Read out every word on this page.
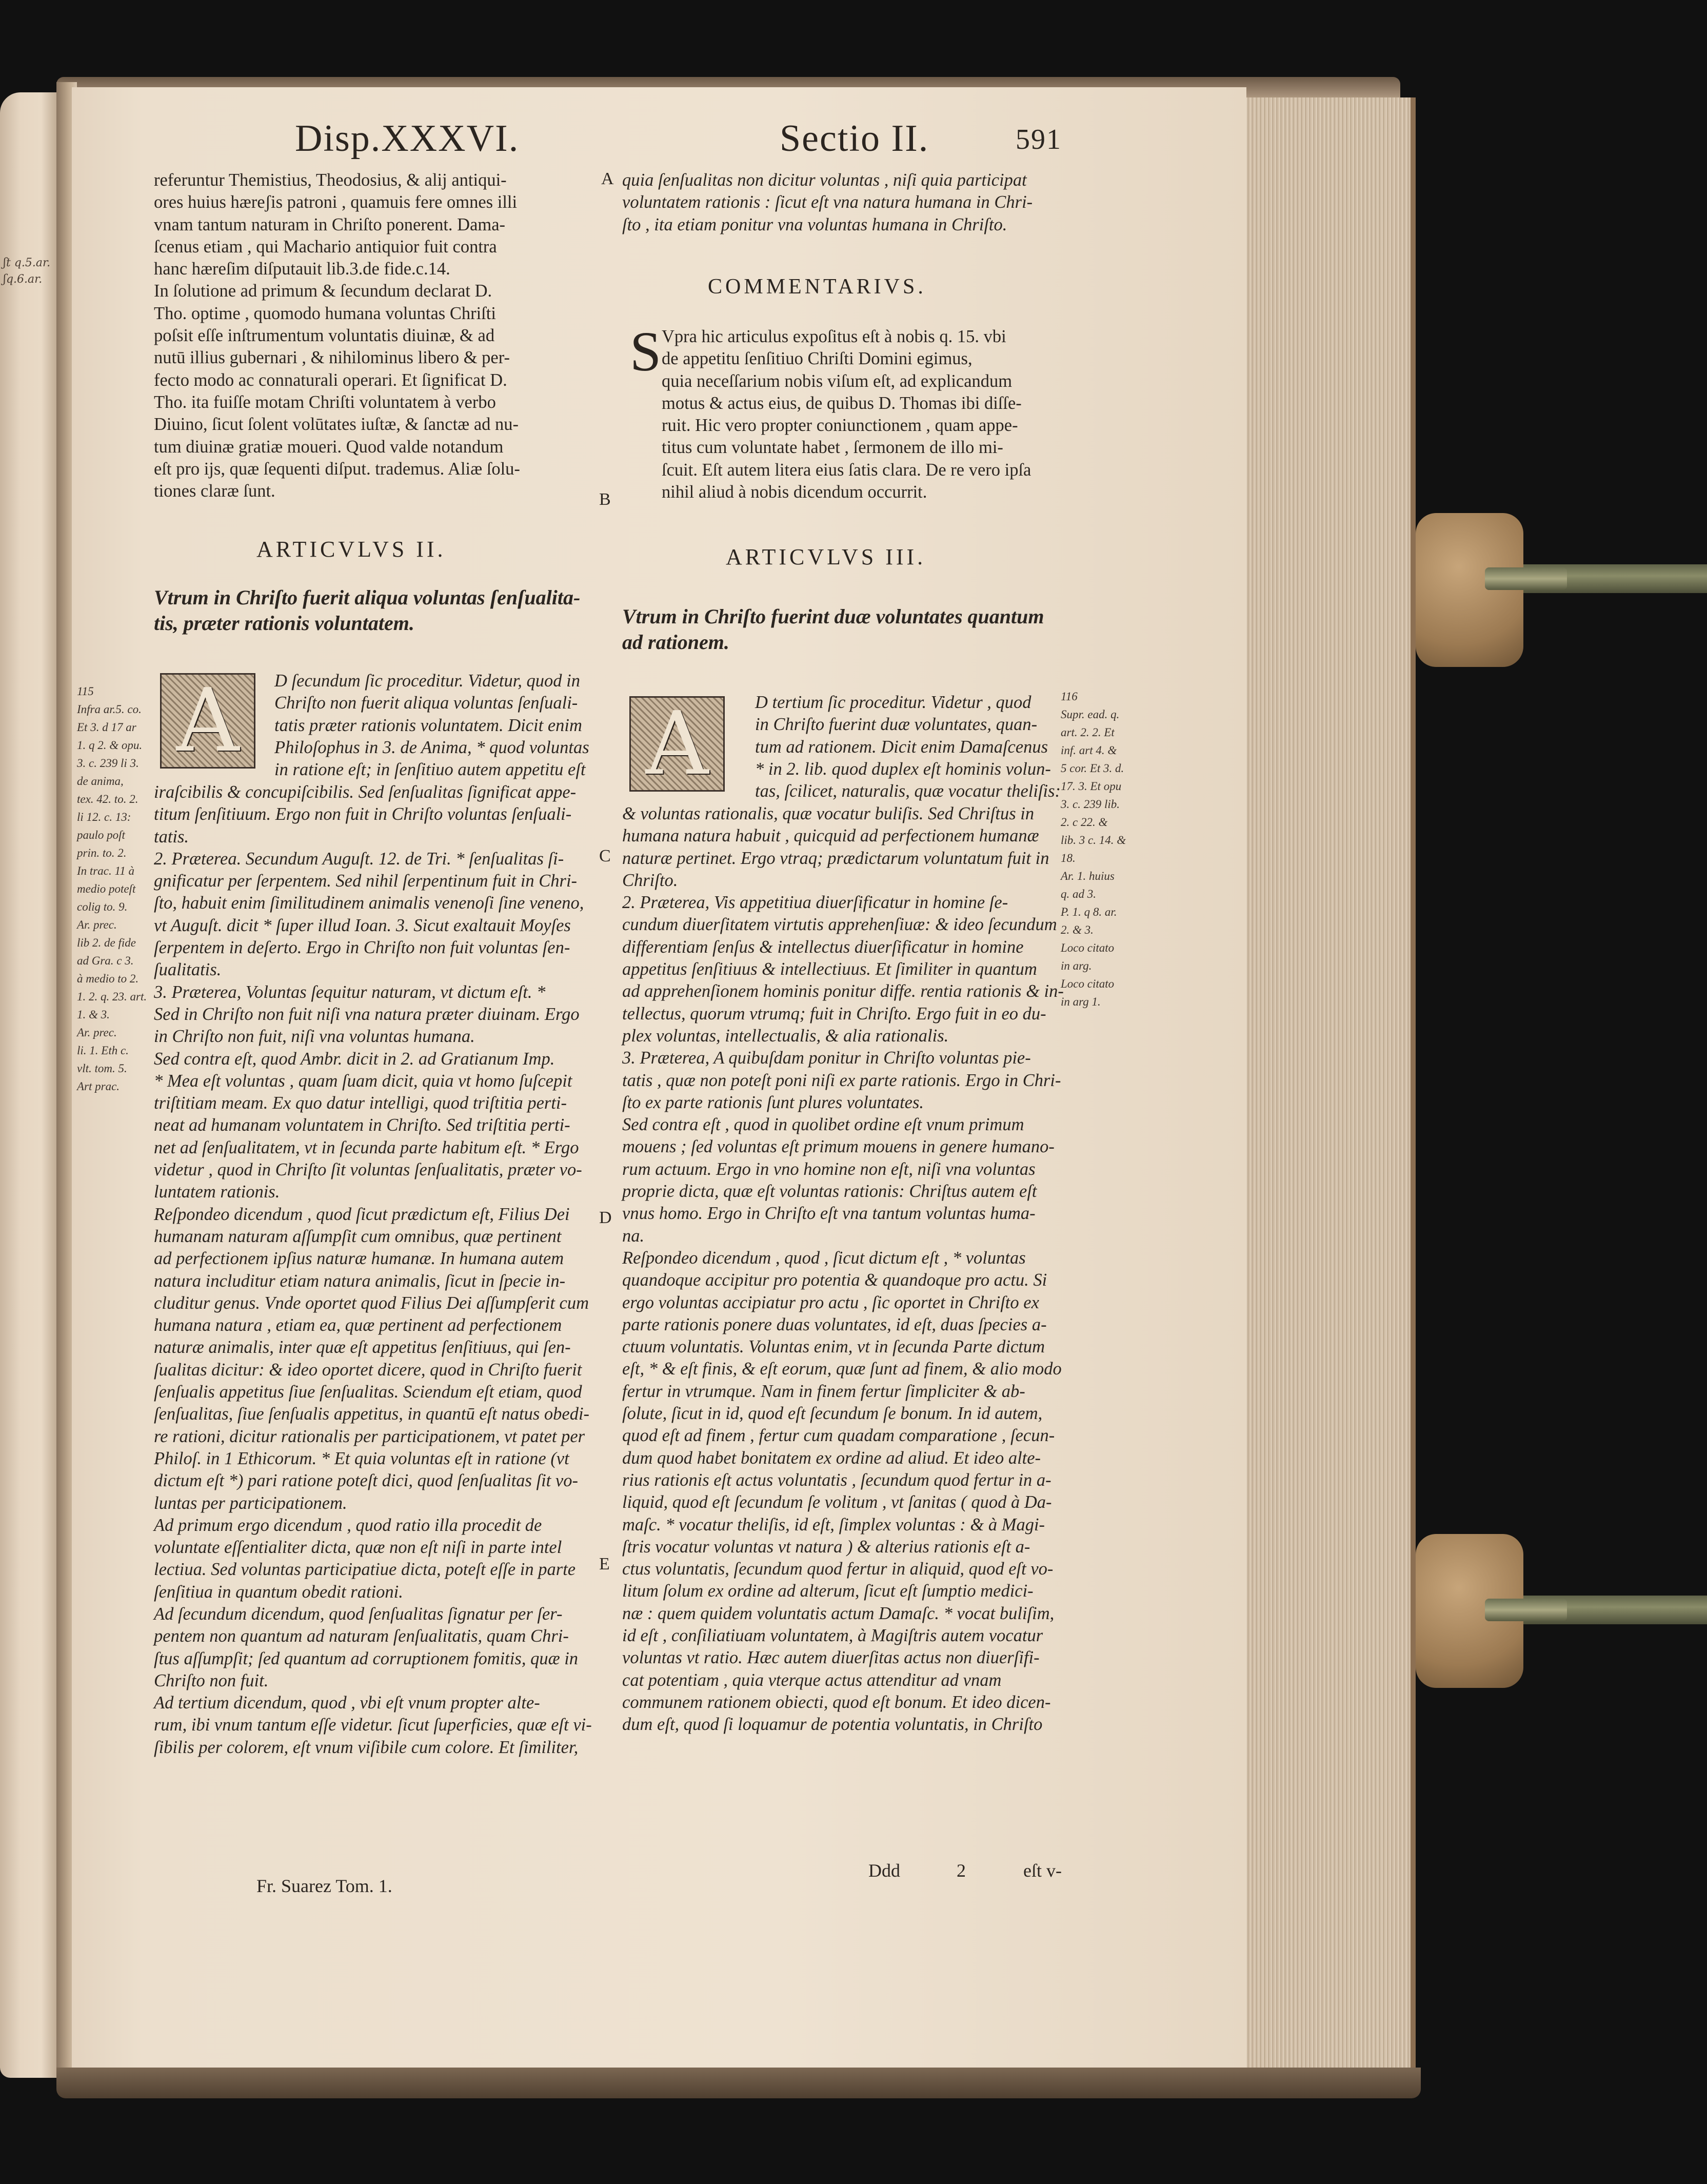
ʃt q.5.ar.
ʃq.6.ar.
Disp.XXXVI.	Sectio II.	591
referuntur Themistius, Theodosius, & alij antiqui-
ores huius hæreʃis patroni , quamuis fere omnes illi
vnam tantum naturam in Chriſto ponerent. Dama-
ſcenus etiam , qui Machario antiquior fuit contra
hanc hæreſim diſputauit lib.3.de fide.c.14.
In ſolutione ad primum & ſecundum declarat D.
Tho. optime , quomodo humana voluntas Chriſti
poſsit eſſe inſtrumentum voluntatis diuinæ, & ad
nutū illius gubernari , & nihilominus libero & per-
fecto modo ac connaturali operari. Et ſignificat D.
Tho. ita fuiſſe motam Chriſti voluntatem à verbo
Diuino, ſicut ſolent volūtates iuſtæ, & ſanctæ ad nu-
tum diuinæ gratiæ moueri. Quod valde notandum
eſt pro ijs, quæ ſequenti diſput. trademus. Aliæ ſolu-
tiones claræ ſunt.
ARTICVLVS II.
Vtrum in Chriſto fuerit aliqua voluntas ſenſualita-
tis, præter rationis voluntatem.
A	D ſecundum ſic proceditur. Videtur, quod in
Chriſto non fuerit aliqua voluntas ſenſuali-
tatis præter rationis voluntatem. Dicit enim
Philoſophus in 3. de Anima, * quod voluntas
in ratione eſt; in ſenſitiuo autem appetitu eſt
iraſcibilis & concupiſcibilis. Sed ſenſualitas ſignificat appe-
titum ſenſitiuum. Ergo non fuit in Chriſto voluntas ſenſuali-
tatis.
2. Præterea. Secundum Auguſt. 12. de Tri. * ſenſualitas ſi-
gnificatur per ſerpentem. Sed nihil ſerpentinum fuit in Chri-
ſto, habuit enim ſimilitudinem animalis venenoſi ſine veneno,
vt Auguſt. dicit * ſuper illud Ioan. 3. Sicut exaltauit Moyſes
ſerpentem in deſerto. Ergo in Chriſto non fuit voluntas ſen-
ſualitatis.
3. Præterea, Voluntas ſequitur naturam, vt dictum eſt. *
Sed in Chriſto non fuit niſi vna natura præter diuinam. Ergo
in Chriſto non fuit, niſi vna voluntas humana.
Sed contra eſt, quod Ambr. dicit in 2. ad Gratianum Imp.
* Mea eſt voluntas , quam ſuam dicit, quia vt homo ſuſcepit
triſtitiam meam. Ex quo datur intelligi, quod triſtitia perti-
neat ad humanam voluntatem in Chriſto. Sed triſtitia perti-
net ad ſenſualitatem, vt in ſecunda parte habitum eſt. * Ergo
videtur , quod in Chriſto ſit voluntas ſenſualitatis, præter vo-
luntatem rationis.
Reſpondeo dicendum , quod ſicut prædictum eſt, Filius Dei
humanam naturam aſſumpſit cum omnibus, quæ pertinent
ad perfectionem ipſius naturæ humanæ. In humana autem
natura includitur etiam natura animalis, ſicut in ſpecie in-
cluditur genus. Vnde oportet quod Filius Dei aſſumpſerit cum
humana natura , etiam ea, quæ pertinent ad perfectionem
naturæ animalis, inter quæ eſt appetitus ſenſitiuus, qui ſen-
ſualitas dicitur: & ideo oportet dicere, quod in Chriſto fuerit
ſenſualis appetitus ſiue ſenſualitas. Sciendum eſt etiam, quod
ſenſualitas, ſiue ſenſualis appetitus, in quantū eſt natus obedi-
re rationi, dicitur rationalis per participationem, vt patet per
Philoſ. in 1 Ethicorum. * Et quia voluntas eſt in ratione (vt
dictum eſt *) pari ratione poteſt dici, quod ſenſualitas ſit vo-
luntas per participationem.
Ad primum ergo dicendum , quod ratio illa procedit de
voluntate eſſentialiter dicta, quæ non eſt niſi in parte intel
lectiua. Sed voluntas participatiue dicta, poteſt eſſe in parte
ſenſitiua in quantum obedit rationi.
Ad ſecundum dicendum, quod ſenſualitas ſignatur per ſer-
pentem non quantum ad naturam ſenſualitatis, quam Chri-
ſtus aſſumpſit; ſed quantum ad corruptionem fomitis, quæ in
Chriſto non fuit.
Ad tertium dicendum, quod , vbi eſt vnum propter alte-
rum, ibi vnum tantum eſſe videtur. ſicut ſuperficies, quæ eſt vi-
ſibilis per colorem, eſt vnum viſibile cum colore. Et ſimiliter,
115
Infra ar.5. co.
Et 3. d 17 ar
1. q 2. & opu.
3. c. 239 li 3.
de anima,
tex. 42. to. 2.
li 12. c. 13:
paulo poſt
prin. to. 2.
In trac. 11 à
medio poteſt
colig to. 9.
Ar. prec.
lib 2. de fide
ad Gra. c 3.
à medio to 2.
1. 2. q. 23. art.
1. & 3.
Ar. prec.
li. 1. Eth c.
vlt. tom. 5.
Art prac.
quia ſenſualitas non dicitur voluntas , niſi quia participat
voluntatem rationis : ſicut eſt vna natura humana in Chri-
ſto , ita etiam ponitur vna voluntas humana in Chriſto.
COMMENTARIVS.
S Vpra hic articulus expoſitus eſt à nobis q. 15. vbi
de appetitu ſenſitiuo Chriſti Domini egimus,
quia neceſſarium nobis viſum eſt, ad explicandum
motus & actus eius, de quibus D. Thomas ibi diſſe-
ruit. Hic vero propter coniunctionem , quam appe-
titus cum voluntate habet , ſermonem de illo mi-
ſcuit. Eſt autem litera eius ſatis clara. De re vero ipſa
nihil aliud à nobis dicendum occurrit.
ARTICVLVS III.
Vtrum in Chriſto fuerint duæ voluntates quantum
ad rationem.
A	D tertium ſic proceditur. Videtur , quod
in Chriſto fuerint duæ voluntates, quan-
tum ad rationem. Dicit enim Damaſcenus
* in 2. lib. quod duplex eſt hominis volun-
tas, ſcilicet, naturalis, quæ vocatur theliſis:
& voluntas rationalis, quæ vocatur buliſis. Sed Chriſtus in
humana natura habuit , quicquid ad perfectionem humanæ
naturæ pertinet. Ergo vtraq; prædictarum voluntatum fuit in
Chriſto.
2. Præterea, Vis appetitiua diuerſificatur in homine ſe-
cundum diuerſitatem virtutis apprehenſiuæ: & ideo ſecundum
differentiam ſenſus & intellectus diuerſificatur in homine
appetitus ſenſitiuus & intellectiuus. Et ſimiliter in quantum
ad apprehenſionem hominis ponitur diffe. rentia rationis & in-
tellectus, quorum vtrumq; fuit in Chriſto. Ergo fuit in eo du-
plex voluntas, intellectualis, & alia rationalis.
3. Præterea, A quibuſdam ponitur in Chriſto voluntas pie-
tatis , quæ non poteſt poni niſi ex parte rationis. Ergo in Chri-
ſto ex parte rationis ſunt plures voluntates.
Sed contra eſt , quod in quolibet ordine eſt vnum primum
mouens ; ſed voluntas eſt primum mouens in genere humano-
rum actuum. Ergo in vno homine non eſt, niſi vna voluntas
proprie dicta, quæ eſt voluntas rationis: Chriſtus autem eſt
vnus homo. Ergo in Chriſto eſt vna tantum voluntas huma-
na.
Reſpondeo dicendum , quod , ſicut dictum eſt , * voluntas
quandoque accipitur pro potentia & quandoque pro actu. Si
ergo voluntas accipiatur pro actu , ſic oportet in Chriſto ex
parte rationis ponere duas voluntates, id eſt, duas ſpecies a-
ctuum voluntatis. Voluntas enim, vt in ſecunda Parte dictum
eſt, * & eſt finis, & eſt eorum, quæ ſunt ad finem, & alio modo
fertur in vtrumque. Nam in finem fertur ſimpliciter & ab-
ſolute, ſicut in id, quod eſt ſecundum ſe bonum. In id autem,
quod eſt ad finem , fertur cum quadam comparatione , ſecun-
dum quod habet bonitatem ex ordine ad aliud. Et ideo alte-
rius rationis eſt actus voluntatis , ſecundum quod fertur in a-
liquid, quod eſt ſecundum ſe volitum , vt ſanitas ( quod à Da-
maſc. * vocatur theliſis, id eſt, ſimplex voluntas : & à Magi-
ſtris vocatur voluntas vt natura ) & alterius rationis eſt a-
ctus voluntatis, ſecundum quod fertur in aliquid, quod eſt vo-
litum ſolum ex ordine ad alterum, ſicut eſt ſumptio medici-
næ : quem quidem voluntatis actum Damaſc. * vocat buliſim,
id eſt , conſiliatiuam voluntatem, à Magiſtris autem vocatur
voluntas vt ratio. Hæc autem diuerſitas actus non diuerſifi-
cat potentiam , quia vterque actus attenditur ad vnam
communem rationem obiecti, quod eſt bonum. Et ideo dicen-
dum eſt, quod ſi loquamur de potentia voluntatis, in Chriſto
116
Supr. ead. q.
art. 2. 2. Et
inf. art 4. &
5 cor. Et 3. d.
17. 3. Et opu
3. c. 239 lib.
2. c 22. &
lib. 3 c. 14. &
18.
Ar. 1. huius
q. ad 3.
P. 1. q 8. ar.
2. & 3.
Loco citato
in arg.
Loco citato
in arg 1.
A
B
C
D
E
Fr. Suarez Tom. 1.
Ddd	2	eſt v-
